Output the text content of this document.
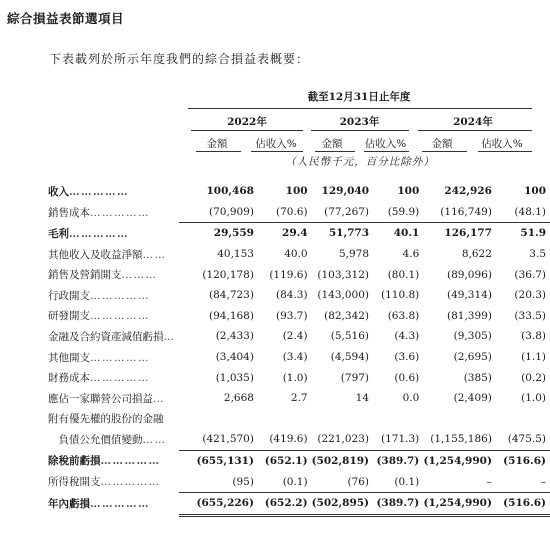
綜合損益表節選項目
下表載列於所示年度我們的綜合損益表概要：
截至12月31日止年度
2022年	2023年	2024年
金額	佔收入%	金額	佔收入%	金額	佔收入%
（人民幣千元，百分比除外）
收入……………	100,468	100	129,040	100	242,926	100
銷售成本……………	(70,909)	(70.6)	(77,267)	(59.9)	(116,749)	(48.1)
毛利……………	29,559	29.4	51,773	40.1	126,177	51.9
其他收入及收益淨額……	40,153	40.0	5,978	4.6	8,622	3.5
銷售及營銷開支………	(120,178)	(119.6)	(103,312)	(80.1)	(89,096)	(36.7)
行政開支……………	(84,723)	(84.3)	(143,000)	(110.8)	(49,314)	(20.3)
研發開支……………	(94,168)	(93.7)	(82,342)	(63.8)	(81,399)	(33.5)
金融及合約資產減值虧損…	(2,433)	(2.4)	(5,516)	(4.3)	(9,305)	(3.8)
其他開支……………	(3,404)	(3.4)	(4,594)	(3.6)	(2,695)	(1.1)
財務成本……………	(1,035)	(1.0)	(797)	(0.6)	(385)	(0.2)
應佔一家聯營公司損益…	2,668	2.7	14	0.0	(2,409)	(1.0)
附有優先權的股份的金融						
　負債公允價值變動……	(421,570)	(419.6)	(221,023)	(171.3)	(1,155,186)	(475.5)
除稅前虧損……………	(655,131)	(652.1)	(502,819)	(389.7)	(1,254,990)	(516.6)
所得稅開支……………	(95)	(0.1)	(76)	(0.1)	–	–
年內虧損……………	(655,226)	(652.2)	(502,895)	(389.7)	(1,254,990)	(516.6)
